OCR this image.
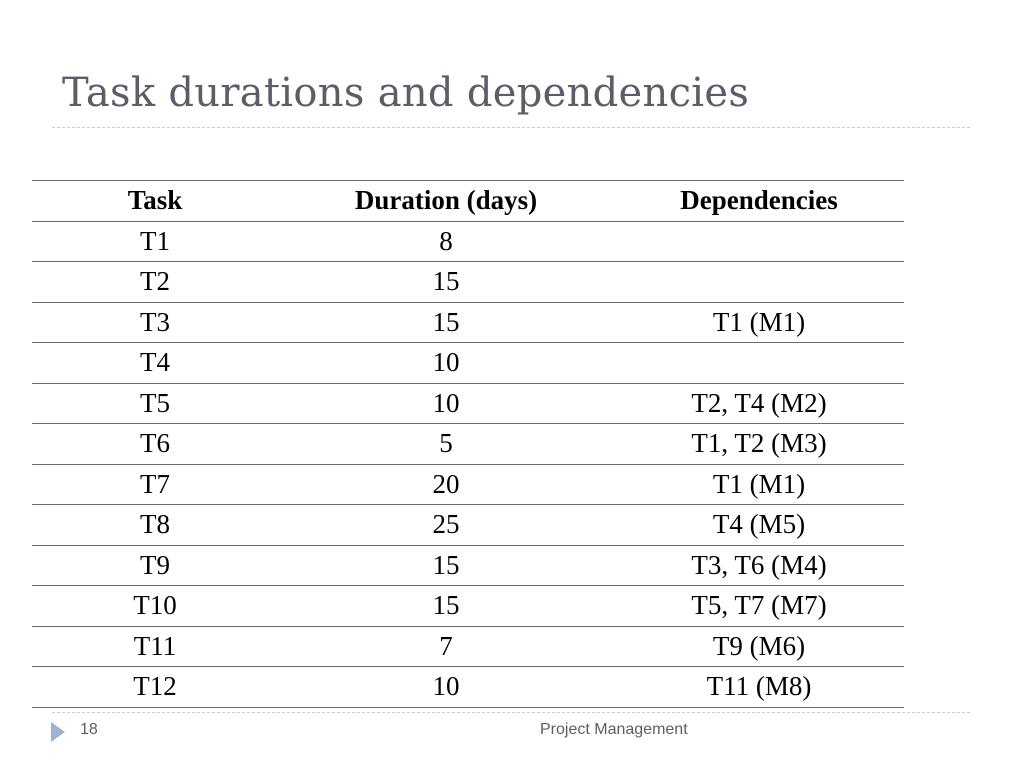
Task durations and dependencies
Task	Duration (days)	Dependencies
T1	8	
T2	15	
T3	15	T1 (M1)
T4	10	
T5	10	T2, T4 (M2)
T6	5	T1, T2 (M3)
T7	20	T1 (M1)
T8	25	T4 (M5)
T9	15	T3, T6 (M4)
T10	15	T5, T7 (M7)
T11	7	T9 (M6)
T12	10	T11 (M8)
18	Project Management
